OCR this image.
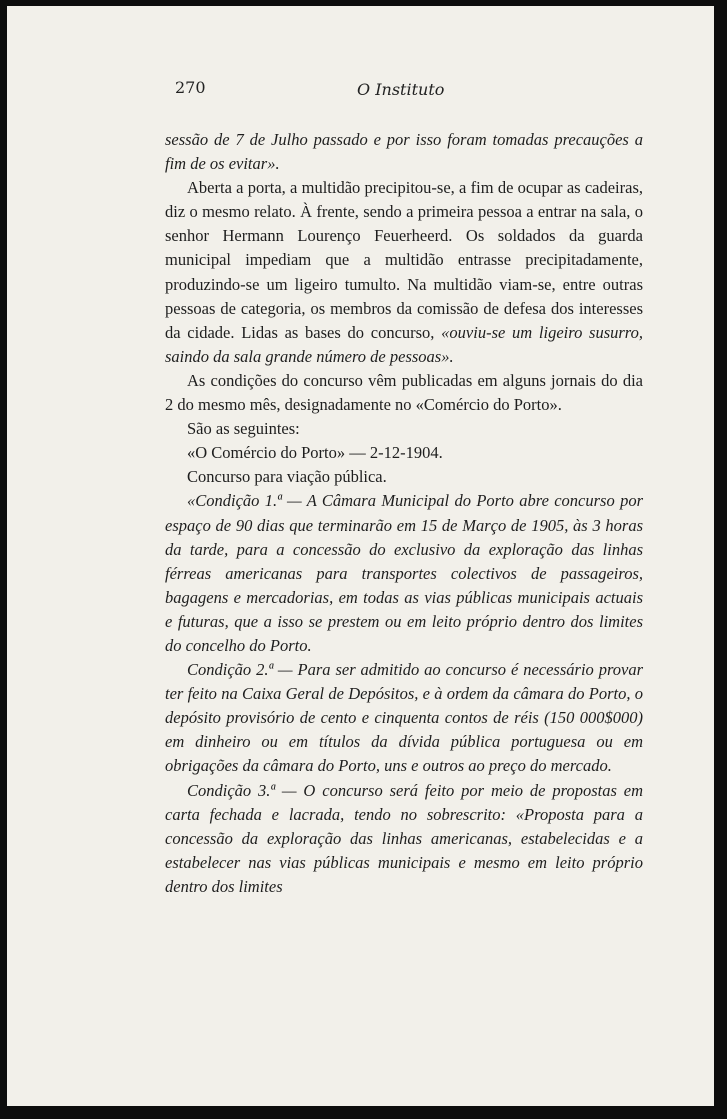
270	O Instituto

sessão de 7 de Julho passado e por isso foram tomadas precauções a fim de os evitar».

Aberta a porta, a multidão precipitou-se, a fim de ocupar as cadeiras, diz o mesmo relato. À frente, sendo a primeira pessoa a entrar na sala, o senhor Hermann Lourenço Feuerheerd. Os soldados da guarda municipal impediam que a multidão entrasse precipitadamente, produzindo-se um ligeiro tumulto. Na multidão viam-se, entre outras pessoas de categoria, os membros da comissão de defesa dos interesses da cidade. Lidas as bases do concurso, «ouviu-se um ligeiro susurro, saindo da sala grande número de pessoas».

As condições do concurso vêm publicadas em alguns jornais do dia 2 do mesmo mês, designadamente no «Comércio do Porto».

São as seguintes:

«O Comércio do Porto» — 2-12-1904.

Concurso para viação pública.

«Condição 1.ª — A Câmara Municipal do Porto abre concurso por espaço de 90 dias que terminarão em 15 de Março de 1905, às 3 horas da tarde, para a concessão do exclusivo da exploração das linhas férreas americanas para transportes colectivos de passageiros, bagagens e mercadorias, em todas as vias públicas municipais actuais e futuras, que a isso se prestem ou em leito próprio dentro dos limites do concelho do Porto.

Condição 2.ª — Para ser admitido ao concurso é necessário provar ter feito na Caixa Geral de Depósitos, e à ordem da câmara do Porto, o depósito provisório de cento e cinquenta contos de réis (150 000$000) em dinheiro ou em títulos da dívida pública portuguesa ou em obrigações da câmara do Porto, uns e outros ao preço do mercado.

Condição 3.ª — O concurso será feito por meio de propostas em carta fechada e lacrada, tendo no sobrescrito: «Proposta para a concessão da exploração das linhas americanas, estabelecidas e a estabelecer nas vias públicas municipais e mesmo em leito próprio dentro dos limites
